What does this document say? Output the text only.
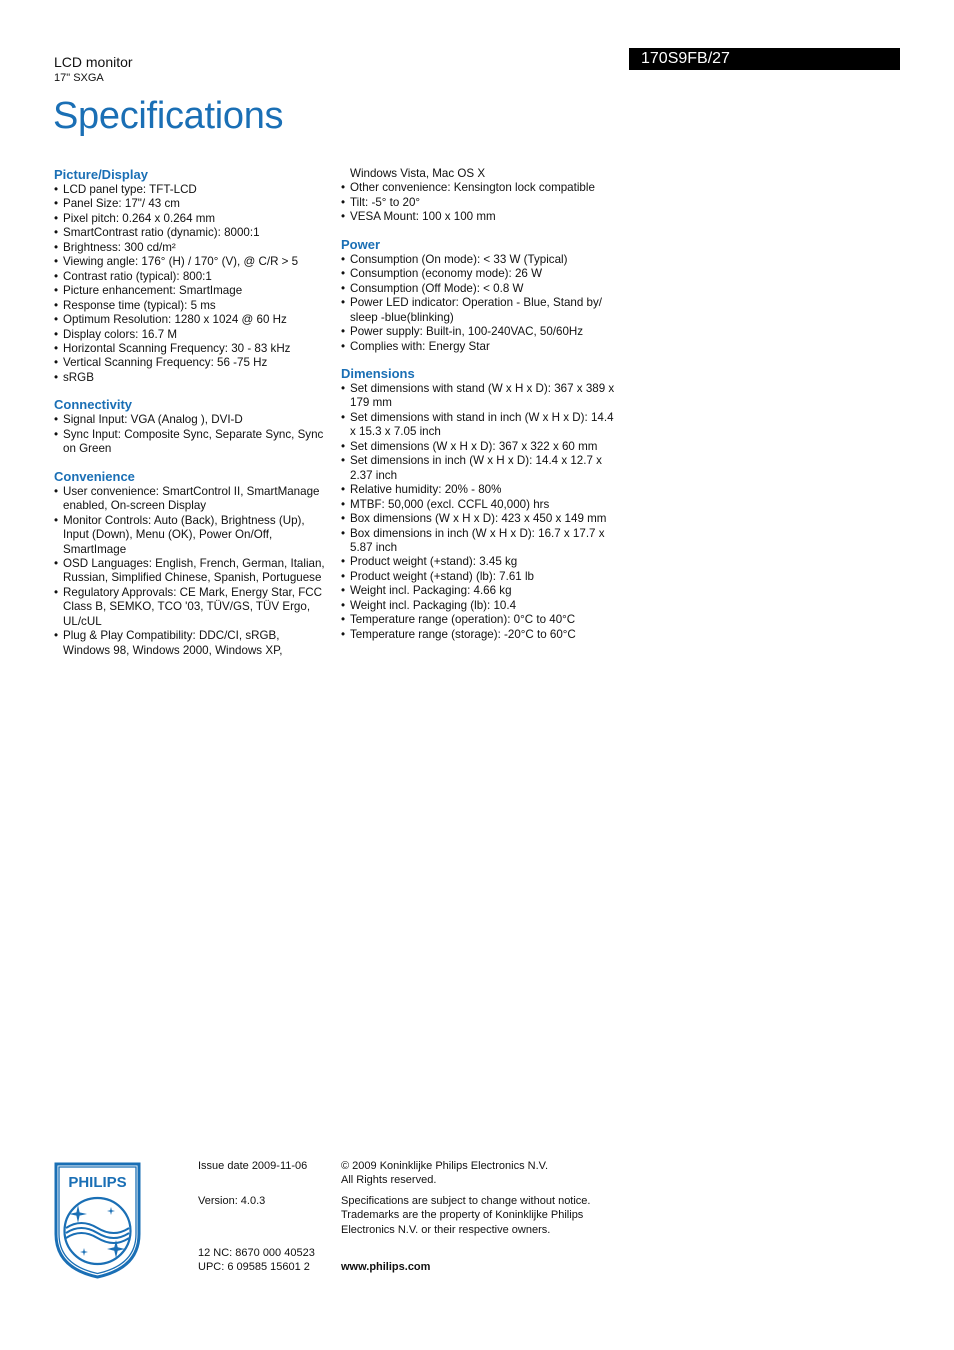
LCD monitor
17" SXGA
Specifications
170S9FB/27
Picture/Display
• LCD panel type: TFT-LCD
• Panel Size: 17"/ 43 cm
• Pixel pitch: 0.264 x 0.264 mm
• SmartContrast ratio (dynamic): 8000:1
• Brightness: 300 cd/m²
• Viewing angle: 176° (H) / 170° (V), @ C/R > 5
• Contrast ratio (typical): 800:1
• Picture enhancement: SmartImage
• Response time (typical): 5 ms
• Optimum Resolution: 1280 x 1024 @ 60 Hz
• Display colors: 16.7 M
• Horizontal Scanning Frequency: 30 - 83 kHz
• Vertical Scanning Frequency: 56 -75 Hz
• sRGB
Connectivity
• Signal Input: VGA (Analog ), DVI-D
• Sync Input: Composite Sync, Separate Sync, Sync on Green
Convenience
• User convenience: SmartControl II, SmartManage enabled, On-screen Display
• Monitor Controls: Auto (Back), Brightness (Up), Input (Down), Menu (OK), Power On/Off, SmartImage
• OSD Languages: English, French, German, Italian, Russian, Simplified Chinese, Spanish, Portuguese
• Regulatory Approvals: CE Mark, Energy Star, FCC Class B, SEMKO, TCO '03, TÜV/GS, TÜV Ergo, UL/cUL
• Plug & Play Compatibility: DDC/CI, sRGB, Windows 98, Windows 2000, Windows XP,
Windows Vista, Mac OS X
• Other convenience: Kensington lock compatible
• Tilt: -5° to 20°
• VESA Mount: 100 x 100 mm
Power
• Consumption (On mode): < 33 W (Typical)
• Consumption (economy mode): 26 W
• Consumption (Off Mode): < 0.8 W
• Power LED indicator: Operation - Blue, Stand by/ sleep -blue(blinking)
• Power supply: Built-in, 100-240VAC, 50/60Hz
• Complies with: Energy Star
Dimensions
• Set dimensions with stand (W x H x D): 367 x 389 x 179 mm
• Set dimensions with stand in inch (W x H x D): 14.4 x 15.3 x 7.05 inch
• Set dimensions (W x H x D): 367 x 322 x 60 mm
• Set dimensions in inch (W x H x D): 14.4 x 12.7 x 2.37 inch
• Relative humidity: 20% - 80%
• MTBF: 50,000 (excl. CCFL 40,000) hrs
• Box dimensions (W x H x D): 423 x 450 x 149 mm
• Box dimensions in inch (W x H x D): 16.7 x 17.7 x 5.87 inch
• Product weight (+stand): 3.45 kg
• Product weight (+stand) (lb): 7.61 lb
• Weight incl. Packaging: 4.66 kg
• Weight incl. Packaging (lb): 10.4
• Temperature range (operation): 0°C to 40°C
• Temperature range (storage): -20°C to 60°C
PHILIPS
Issue date 2009-11-06
Version: 4.0.3
12 NC: 8670 000 40523
UPC: 6 09585 15601 2
© 2009 Koninklijke Philips Electronics N.V.
All Rights reserved.
Specifications are subject to change without notice.
Trademarks are the property of Koninklijke Philips
Electronics N.V. or their respective owners.
www.philips.com
